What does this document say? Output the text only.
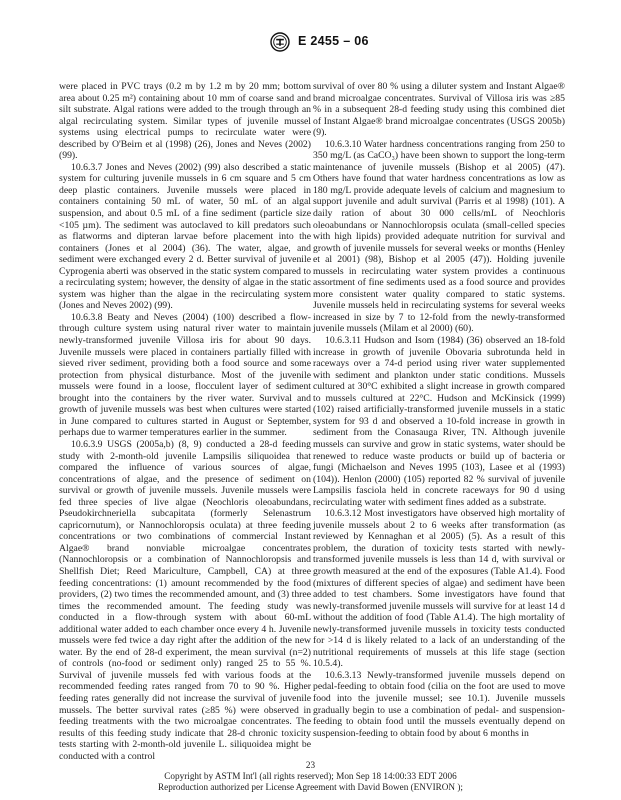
E 2455 – 06

were placed in PVC trays (0.2 m by 1.2 m by 20 mm; bottom area about 0.25 m²) containing about 10 mm of coarse sand and silt substrate. Algal rations were added to the trough through an algal recirculating system. Similar types of juvenile mussel systems using electrical pumps to recirculate water were described by O'Beirn et al (1998) (26), Jones and Neves (2002) (99).

10.6.3.7 Jones and Neves (2002) (99) also described a static system for culturing juvenile mussels in 6 cm square and 5 cm deep plastic containers. Juvenile mussels were placed in containers containing 50 mL of water, 50 mL of an algal suspension, and about 0.5 mL of a fine sediment (particle size <105 µm). The sediment was autoclaved to kill predators such as flatworms and dipteran larvae before placement into the containers (Jones et al 2004) (36). The water, algae, and sediment were exchanged every 2 d. Better survival of juvenile Cyprogenia aberti was observed in the static system compared to a recirculating system; however, the density of algae in the static system was higher than the algae in the recirculating system (Jones and Neves 2002) (99).

10.6.3.8 Beaty and Neves (2004) (100) described a flow-through culture system using natural river water to maintain newly-transformed juvenile Villosa iris for about 90 days. Juvenile mussels were placed in containers partially filled with sieved river sediment, providing both a food source and some protection from physical disturbance. Most of the juvenile mussels were found in a loose, flocculent layer of sediment brought into the containers by the river water. Survival and growth of juvenile mussels was best when cultures were started in June compared to cultures started in August or September, perhaps due to warmer temperatures earlier in the summer.

10.6.3.9 USGS (2005a,b) (8, 9) conducted a 28-d feeding study with 2-month-old juvenile Lampsilis siliquoidea that compared the influence of various sources of algae, concentrations of algae, and the presence of sediment on survival or growth of juvenile mussels. Juvenile mussels were fed three species of live algae (Neochloris oleoabundans, Pseudokirchneriella subcapitata (formerly Selenastrum capricornutum), or Nannochloropsis oculata) at three feeding concentrations or two combinations of commercial Instant Algae® brand nonviable microalgae concentrates (Nannochloropsis or a combination of Nannochloropsis and Shellfish Diet; Reed Mariculture, Campbell, CA) at three feeding concentrations: (1) amount recommended by the food providers, (2) two times the recommended amount, and (3) three times the recommended amount. The feeding study was conducted in a flow-through system with about 60-mL additional water added to each chamber once every 4 h. Juvenile mussels were fed twice a day right after the addition of the new water. By the end of 28-d experiment, the mean survival (n=2) of controls (no-food or sediment only) ranged 25 to 55 %. Survival of juvenile mussels fed with various foods at the recommended feeding rates ranged from 70 to 90 %. Higher feeding rates generally did not increase the survival of juvenile mussels. The better survival rates (≥85 %) were observed in feeding treatments with the two microalgae concentrates. The results of this feeding study indicate that 28-d chronic toxicity tests starting with 2-month-old juvenile L. siliquoidea might be conducted with a control

survival of over 80 % using a diluter system and Instant Algae® brand microalgae concentrates. Survival of Villosa iris was ≥85 % in a subsequent 28-d feeding study using this combined diet of Instant Algae® brand microalgae concentrates (USGS 2005b) (9).

10.6.3.10 Water hardness concentrations ranging from 250 to 350 mg/L (as CaCO₃) have been shown to support the long-term maintenance of juvenile mussels (Bishop et al 2005) (47). Others have found that water hardness concentrations as low as 180 mg/L provide adequate levels of calcium and magnesium to support juvenile and adult survival (Parris et al 1998) (101). A daily ration of about 30 000 cells/mL of Neochloris oleoabundans or Nannochloropsis oculata (small-celled species with high lipids) provided adequate nutrition for survival and growth of juvenile mussels for several weeks or months (Henley et al 2001) (98), Bishop et al 2005 (47)). Holding juvenile mussels in recirculating water system provides a continuous assortment of fine sediments used as a food source and provides more consistent water quality compared to static systems. Juvenile mussels held in recirculating systems for several weeks increased in size by 7 to 12-fold from the newly-transformed juvenile mussels (Milam et al 2000) (60).

10.6.3.11 Hudson and Isom (1984) (36) observed an 18-fold increase in growth of juvenile Obovaria subrotunda held in raceways over a 74-d period using river water supplemented with sediment and plankton under static conditions. Mussels cultured at 30°C exhibited a slight increase in growth compared to mussels cultured at 22°C. Hudson and McKinsick (1999) (102) raised artificially-transformed juvenile mussels in a static system for 93 d and observed a 10-fold increase in growth in sediment from the Conasauga River, TN. Although juvenile mussels can survive and grow in static systems, water should be renewed to reduce waste products or build up of bacteria or fungi (Michaelson and Neves 1995 (103), Lasee et al (1993) (104)). Henlon (2000) (105) reported 82 % survival of juvenile Lampsilis fasciola held in concrete raceways for 90 d using recirculating water with sediment fines added as a substrate.

10.6.3.12 Most investigators have observed high mortality of juvenile mussels about 2 to 6 weeks after transformation (as reviewed by Kennaghan et al 2005) (5). As a result of this problem, the duration of toxicity tests started with newly-transformed juvenile mussels is less than 14 d, with survival or growth measured at the end of the exposures (Table A1.4). Food (mixtures of different species of algae) and sediment have been added to test chambers. Some investigators have found that newly-transformed juvenile mussels will survive for at least 14 d without the addition of food (Table A1.4). The high mortality of newly-transformed juvenile mussels in toxicity tests conducted for >14 d is likely related to a lack of an understanding of the nutritional requirements of mussels at this life stage (section 10.5.4).

10.6.3.13 Newly-transformed juvenile mussels depend on pedal-feeding to obtain food (cilia on the foot are used to move food into the juvenile mussel; see 10.1). Juvenile mussels gradually begin to use a combination of pedal- and suspension-feeding to obtain food until the mussels eventually depend on suspension-feeding to obtain food by about 6 months in

23
Copyright by ASTM Int'l (all rights reserved); Mon Sep 18 14:00:33 EDT 2006
Reproduction authorized per License Agreement with David Bowen (ENVIRON );
